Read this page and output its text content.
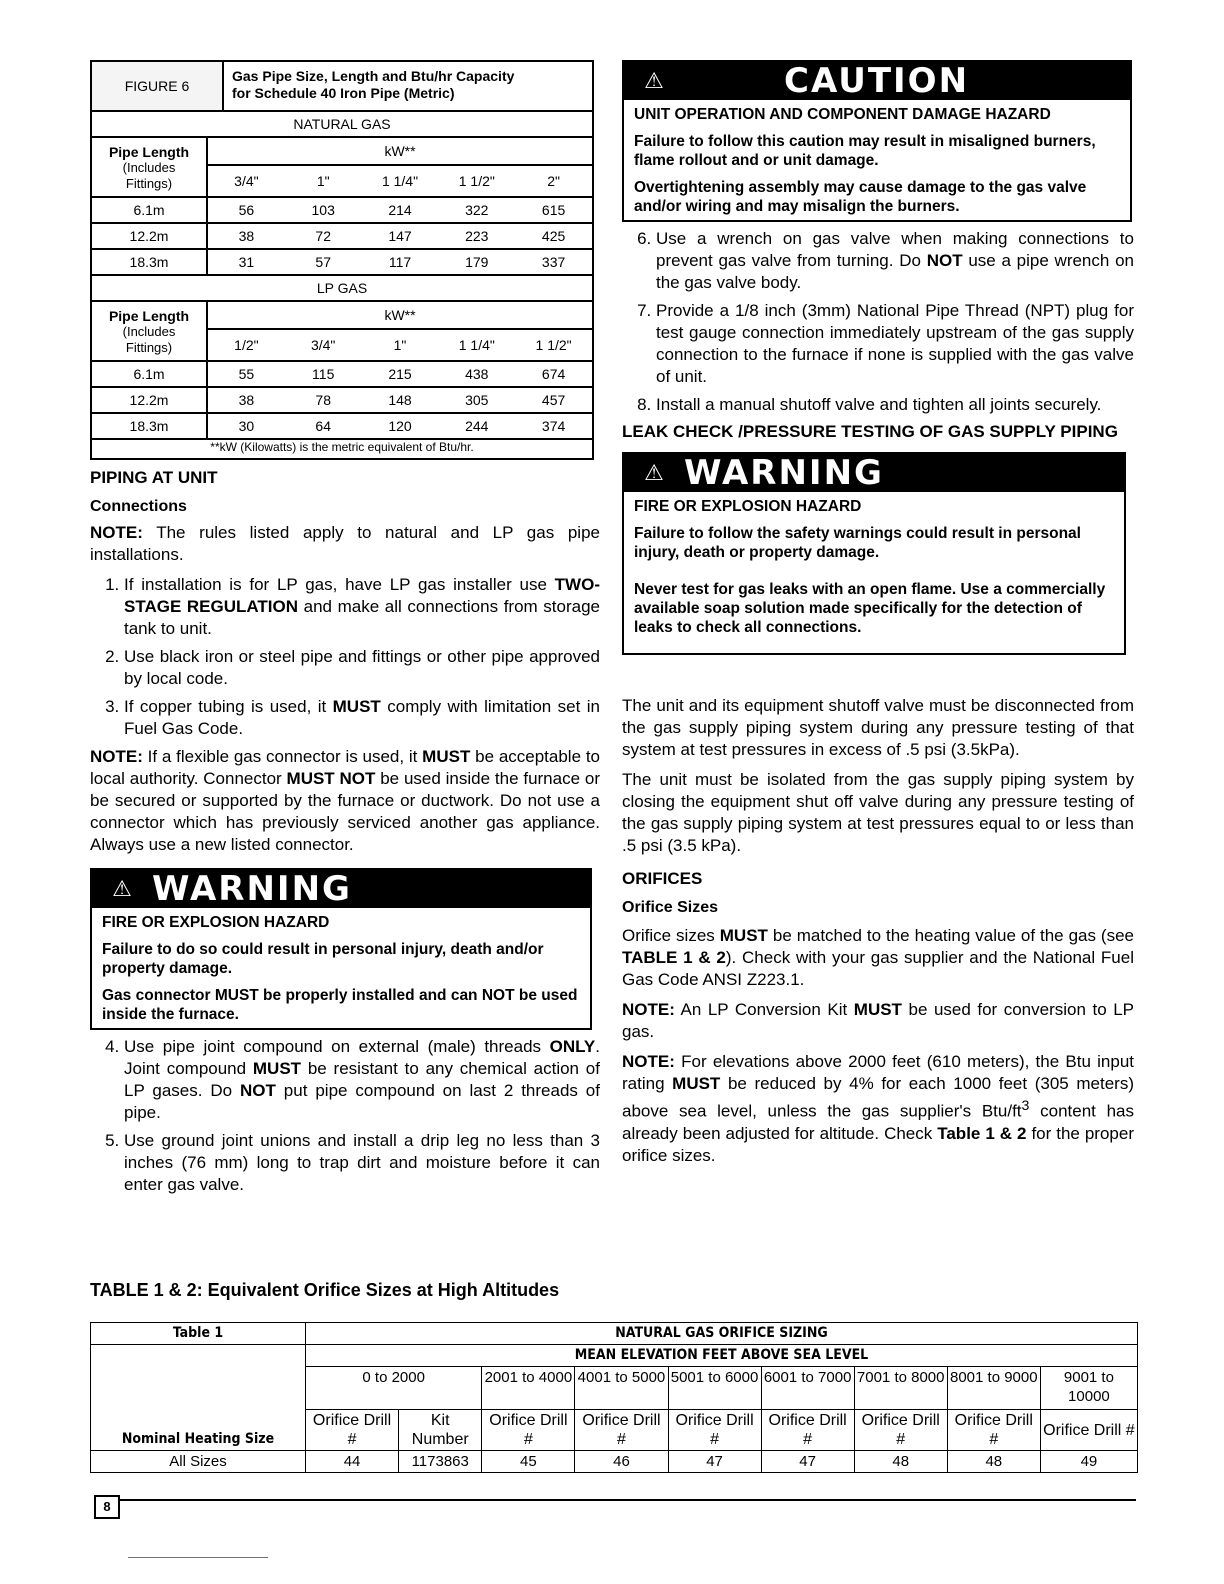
FIGURE 6
Gas Pipe Size, Length and Btu/hr Capacity
for Schedule 40 Iron Pipe (Metric)
NATURAL GAS
Pipe Length
(Includes
Fittings)
kW**
3/4"	1"	1 1/4"	1 1/2"	2"
6.1m	56	103	214	322	615
12.2m	38	72	147	223	425
18.3m	31	57	117	179	337
LP GAS
Pipe Length
(Includes
Fittings)
kW**
1/2"	3/4"	1"	1 1/4"	1 1/2"
6.1m	55	115	215	438	674
12.2m	38	78	148	305	457
18.3m	30	64	120	244	374
**kW (Kilowatts) is the metric equivalent of Btu/hr.
PIPING AT UNIT
Connections

NOTE: The rules listed apply to natural and LP gas pipe installations.

1. If installation is for LP gas, have LP gas installer use TWO-STAGE REGULATION and make all connections from storage tank to unit.
2. Use black iron or steel pipe and fittings or other pipe approved by local code.
3. If copper tubing is used, it MUST comply with limitation set in Fuel Gas Code.

NOTE: If a flexible gas connector is used, it MUST be acceptable to local authority. Connector MUST NOT be used inside the furnace or be secured or supported by the furnace or ductwork. Do not use a connector which has previously serviced another gas appliance. Always use a new listed connector.

⚠ WARNING
FIRE OR EXPLOSION HAZARD
Failure to do so could result in personal injury, death and/or property damage.
Gas connector MUST be properly installed and can NOT be used inside the furnace.
4. Use pipe joint compound on external (male) threads ONLY. Joint compound MUST be resistant to any chemical action of LP gases. Do NOT put pipe compound on last 2 threads of pipe.
5. Use ground joint unions and install a drip leg no less than 3 inches (76 mm) long to trap dirt and moisture before it can enter gas valve.
⚠	CAUTION
UNIT OPERATION AND COMPONENT DAMAGE HAZARD
Failure to follow this caution may result in misaligned burners, flame rollout and or unit damage.
Overtightening assembly may cause damage to the gas valve and/or wiring and may misalign the burners.
6. Use a wrench on gas valve when making connections to prevent gas valve from turning. Do NOT use a pipe wrench on the gas valve body.
7. Provide a 1/8 inch (3mm) National Pipe Thread (NPT) plug for test gauge connection immediately upstream of the gas supply connection to the furnace if none is supplied with the gas valve of unit.
8. Install a manual shutoff valve and tighten all joints securely.
LEAK CHECK /PRESSURE TESTING OF GAS SUPPLY PIPING
⚠ WARNING
FIRE OR EXPLOSION HAZARD
Failure to follow the safety warnings could result in personal injury, death or property damage.
Never test for gas leaks with an open flame. Use a commercially available soap solution made specifically for the detection of leaks to check all connections.

The unit and its equipment shutoff valve must be disconnected from the gas supply piping system during any pressure testing of that system at test pressures in excess of .5 psi (3.5kPa).

The unit must be isolated from the gas supply piping system by closing the equipment shut off valve during any pressure testing of the gas supply piping system at test pressures equal to or less than .5 psi (3.5 kPa).

ORIFICES
Orifice Sizes

Orifice sizes MUST be matched to the heating value of the gas (see TABLE 1 & 2). Check with your gas supplier and the National Fuel Gas Code ANSI Z223.1.

NOTE: An LP Conversion Kit MUST be used for conversion to LP gas.

NOTE: For elevations above 2000 feet (610 meters), the Btu input rating MUST be reduced by 4% for each 1000 feet (305 meters) above sea level, unless the gas supplier's Btu/$ft^3$ content has already been adjusted for altitude. Check Table 1 & 2 for the proper orifice sizes.

TABLE 1 & 2: Equivalent Orifice Sizes at High Altitudes
Table 1	NATURAL GAS ORIFICE SIZING								
Nominal Heating Size	MEAN ELEVATION FEET ABOVE SEA LEVEL								
	0 to 2000		2001 to 4000	4001 to 5000	5001 to 6000	6001 to 7000	7001 to 8000	8001 to 9000	9001 to 10000
	Orifice Drill #	Kit Number	Orifice Drill #	Orifice Drill #	Orifice Drill #	Orifice Drill #	Orifice Drill #	Orifice Drill #	Orifice Drill #
All Sizes	44	1173863	45	46	47	47	48	48	49
8
